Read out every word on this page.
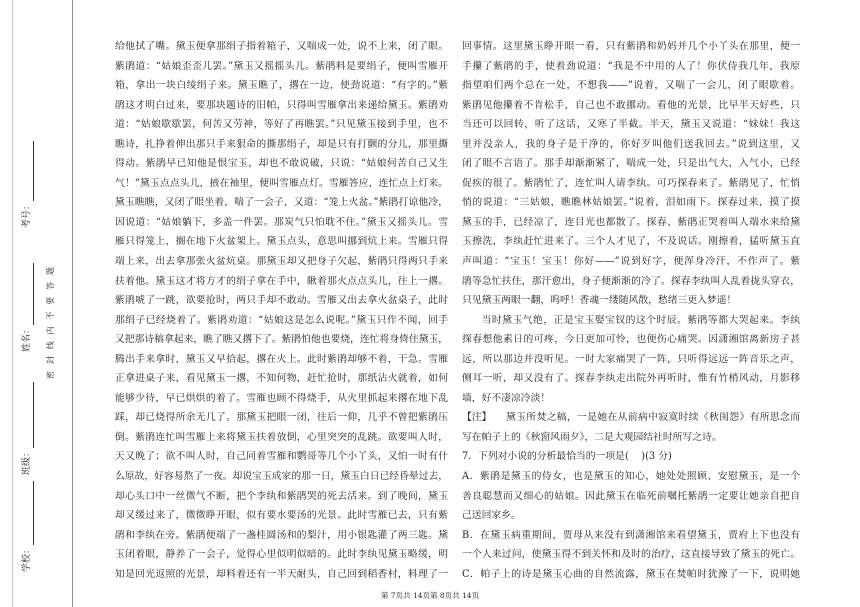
学校：
班级：
姓名：
考号：
密 封 线 内 不 要 答 题
给他拭了嘴。黛玉便拿那绢子指着箱子，又喘成一处，说不上来，闭了眼。
紫鹃道：“姑娘歪歪儿罢。”黛玉又摇摇头儿。紫鹃料是要绢子，便叫雪雁开
箱，拿出一块白绫绢子来。黛玉瞧了，撂在一边，使劲说道：“有字的。”紫
鹃这才明白过来，要那块题诗的旧帕，只得叫雪雁拿出来递给黛玉。紫鹃劝
道：“姑娘歇歇罢，何苦又劳神，等好了再瞧罢。”只见黛玉接到手里，也不
瞧诗，扎挣着伸出那只手来狠命的撕那绢子，却是只有打颤的分儿，那里撕
得动。紫鹃早已知他是恨宝玉，却也不敢说破，只说：“姑娘何苦自己又生
气！”黛玉点点头儿，掖在袖里，便叫雪雁点灯。雪雁答应，连忙点上灯来。
黛玉瞧瞧，又闭了眼坐着，喘了一会子，又道：“笼上火盆。”紫鹃打谅他冷，
因说道：“姑娘躺下，多盖一件罢。那炭气只怕耽不住。”黛玉又摇头儿。雪
雁只得笼上，搁在地下火盆架上。黛玉点头，意思叫挪到炕上来。雪雁只得
端上来，出去拿那张火盆炕桌。那黛玉却又把身子欠起，紫鹃只得两只手来
扶着他。黛玉这才将方才的绢子拿在手中，瞅着那火点点头儿，往上一撂。
紫鹃唬了一跳，欲要抢时，两只手却不敢动。雪雁又出去拿火盆桌子，此时
那绢子已经烧着了。紫鹃劝道：“姑娘这是怎么说呢。”黛玉只作不闻，回手
又把那诗稿拿起来，瞧了瞧又撂下了。紫鹃怕他也要烧，连忙将身倚住黛玉，
腾出手来拿时，黛玉又早拾起，撂在火上。此时紫鹃却够不着，干急。雪雁
正拿进桌子来，看见黛玉一撂，不知何物，赶忙抢时，那纸沾火就着，如何
能够少待，早已烘烘的着了。雪雁也顾不得烧手，从火里抓起来撂在地下乱
踩，却已烧得所余无几了。那黛玉把眼一闭，往后一仰，几乎不曾把紫鹃压
倒。紫鹃连忙叫雪雁上来将黛玉扶着放倒，心里突突的乱跳。欲要叫人时，
天又晚了；欲不叫人时，自己同着雪雁和鹦哥等几个小丫头，又怕一时有什
么原故，好容易熬了一夜。却说宝玉成家的那一日，黛玉白日已经昏晕过去，
却心头口中一丝微气不断，把个李纨和紫鹃哭的死去活来。到了晚间，黛玉
却又缓过来了，微微睁开眼，似有要水要汤的光景。此时雪雁已去，只有紫
鹃和李纨在旁。紫鹃便端了一盏桂圆汤和的梨汁，用小银匙灌了两三匙。黛
玉闭着眼，静养了一会子，觉得心里似明似暗的。此时李纨见黛玉略缓，明
知是回光返照的光景，却料着还有一半天耐头，自己回到稻香村，料理了一
回事情。这里黛玉睁开眼一看，只有紫鹃和奶妈并几个小丫头在那里，便一
手攥了紫鹃的手，使着劲说道：“我是不中用的人了！你伏侍我几年，我原
指望咱们两个总在一处，不想我——”说着，又喘了一会儿，闭了眼歇着。
紫鹃见他攥着不肯松手，自己也不敢挪动。看他的光景，比早半天好些，只
当还可以回转，听了这话，又寒了半截。半天，黛玉又说道：“妹妹！我这
里并没亲人，我的身子是干净的，你好歹叫他们送我回去。”说到这里，又
闭了眼不言语了。那手却渐渐紧了，喘成一处，只是出气大，入气小，已经
促疾的很了。紫鹃忙了，连忙叫人请李纨。可巧探春来了。紫鹃见了，忙悄
悄的说道：“三姑娘，瞧瞧林姑娘罢。”说着，泪如雨下。探春过来，摸了摸
黛玉的手，已经凉了，连目光也都散了。探春、紫鹃正哭着叫人端水来给黛
玉擦洗，李纨赶忙进来了。三个人才见了，不及说话。刚擦着，猛听黛玉直
声叫道：“宝玉！宝玉！你好——”说到好字，便浑身冷汗，不作声了。紫
鹃等急忙扶住，那汗愈出，身子便渐渐的冷了。探春李纨叫人乱着拢头穿衣，
只见黛玉两眼一翻，呜呼！香魂一缕随风散，愁绪三更入梦遥！
当时黛玉气绝，正是宝玉娶宝钗的这个时辰。紫鹃等都大哭起来。李纨
探春想他素日的可疼，今日更加可怜，也便伤心痛哭。因潇湘馆离新房子甚
远，所以那边并没听见。一时大家痛哭了一阵，只听得远远一阵音乐之声，
侧耳一听，却又没有了。探春李纨走出院外再听时，惟有竹梢风动，月影移
墙，好不凄凉冷淡！
【注】	黛玉所焚之稿，一是她在从前病中寂寞时续《秋闺怨》有所思念而
写在帕子上的《秋窗风雨夕》，二是大观园结社时所写之诗。
7．下列对小说的分析最恰当的一项是(    )(3 分)
A．紫鹃是黛玉的侍女，也是黛玉的知心，她处处照顾、安慰黛玉，是一个
善良聪慧而又细心的姑娘。因此黛玉在临死前嘱托紫鹃一定要让她亲自把自
己送回家乡。
B．在黛玉病重期间，贾母从来没有到潇湘馆来看望黛玉，贾府上下也没有
一个人来过问，使黛玉得不到关怀和及时的治疗，这直接导致了黛玉的死亡。
C．帕子上的诗是黛玉心曲的自然流露，黛玉在焚帕时犹豫了一下，说明她
第 7页共 14页第 8页共 14页
